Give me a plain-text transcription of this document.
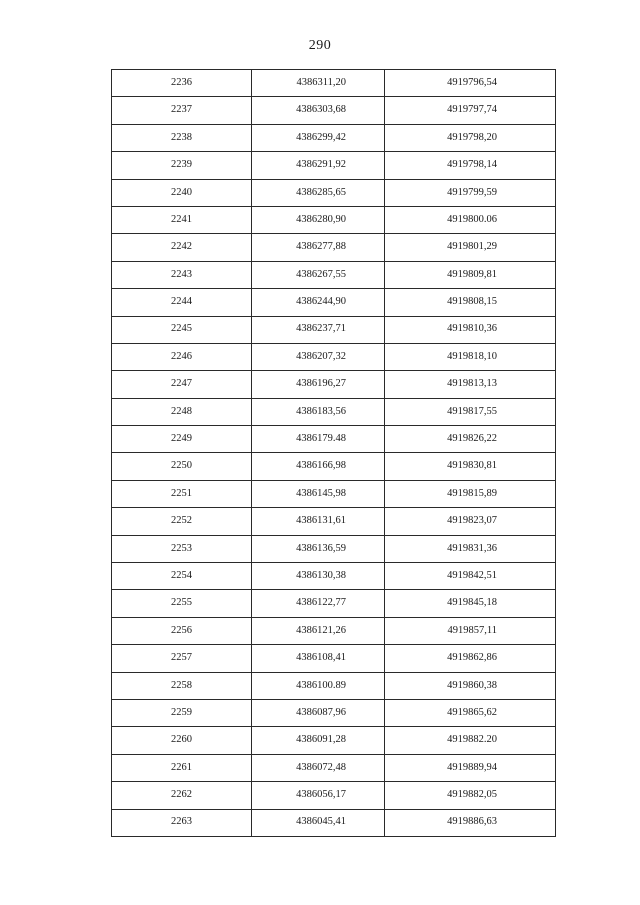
290
2236	4386311,20	4919796,54
2237	4386303,68	4919797,74
2238	4386299,42	4919798,20
2239	4386291,92	4919798,14
2240	4386285,65	4919799,59
2241	4386280,90	4919800.06
2242	4386277,88	4919801,29
2243	4386267,55	4919809,81
2244	4386244,90	4919808,15
2245	4386237,71	4919810,36
2246	4386207,32	4919818,10
2247	4386196,27	4919813,13
2248	4386183,56	4919817,55
2249	4386179.48	4919826,22
2250	4386166,98	4919830,81
2251	4386145,98	4919815,89
2252	4386131,61	4919823,07
2253	4386136,59	4919831,36
2254	4386130,38	4919842,51
2255	4386122,77	4919845,18
2256	4386121,26	4919857,11
2257	4386108,41	4919862,86
2258	4386100.89	4919860,38
2259	4386087,96	4919865,62
2260	4386091,28	4919882.20
2261	4386072,48	4919889,94
2262	4386056,17	4919882,05
2263	4386045,41	4919886,63
